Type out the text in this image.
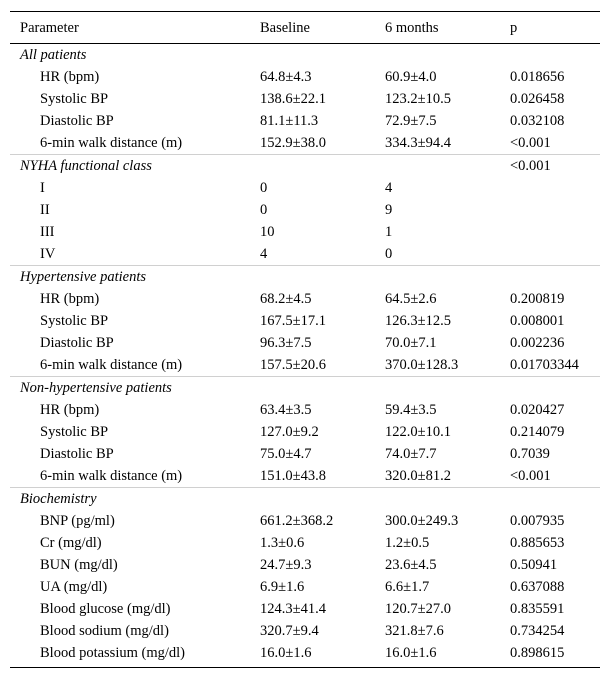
Parameter	Baseline	6 months	p
All patients			
HR (bpm)	64.8±4.3	60.9±4.0	0.018656
Systolic BP	138.6±22.1	123.2±10.5	0.026458
Diastolic BP	81.1±11.3	72.9±7.5	0.032108
6-min walk distance (m)	152.9±38.0	334.3±94.4	<0.001
NYHA functional class			<0.001
I	0	4	
II	0	9	
III	10	1	
IV	4	0	
Hypertensive patients			
HR (bpm)	68.2±4.5	64.5±2.6	0.200819
Systolic BP	167.5±17.1	126.3±12.5	0.008001
Diastolic BP	96.3±7.5	70.0±7.1	0.002236
6-min walk distance (m)	157.5±20.6	370.0±128.3	0.01703344
Non-hypertensive patients			
HR (bpm)	63.4±3.5	59.4±3.5	0.020427
Systolic BP	127.0±9.2	122.0±10.1	0.214079
Diastolic BP	75.0±4.7	74.0±7.7	0.7039
6-min walk distance (m)	151.0±43.8	320.0±81.2	<0.001
Biochemistry			
BNP (pg/ml)	661.2±368.2	300.0±249.3	0.007935
Cr (mg/dl)	1.3±0.6	1.2±0.5	0.885653
BUN (mg/dl)	24.7±9.3	23.6±4.5	0.50941
UA (mg/dl)	6.9±1.6	6.6±1.7	0.637088
Blood glucose (mg/dl)	124.3±41.4	120.7±27.0	0.835591
Blood sodium (mg/dl)	320.7±9.4	321.8±7.6	0.734254
Blood potassium (mg/dl)	16.0±1.6	16.0±1.6	0.898615
